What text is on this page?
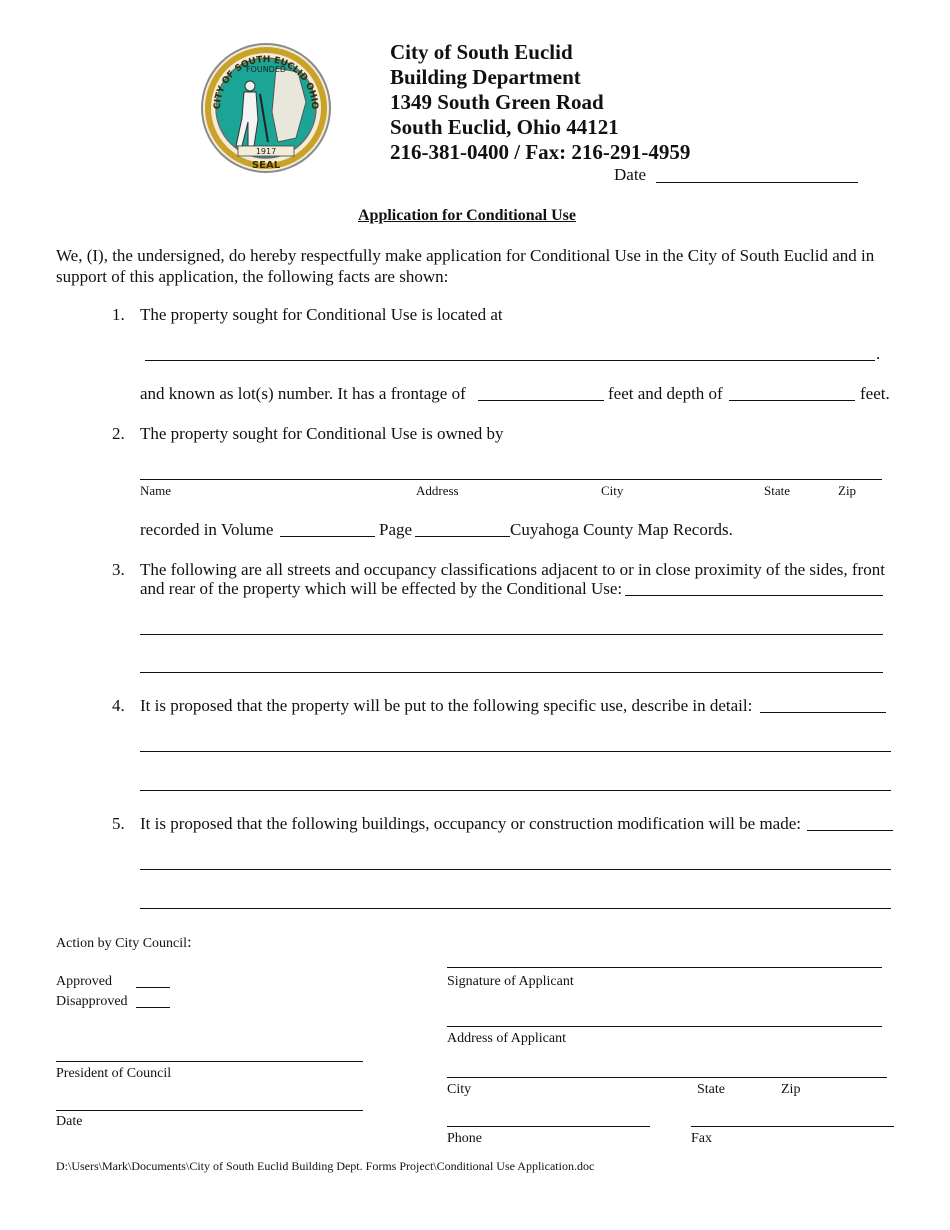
CITY OF SOUTH EUCLID OHIO
FOUNDED
1917
SEAL
City of South Euclid
Building Department
1349 South Green Road
South Euclid, Ohio 44121
216-381-0400 / Fax: 216-291-4959
Date
Application for Conditional Use
We, (I), the undersigned, do hereby respectfully make application for Conditional Use in the City of South Euclid and in
support of this application, the following facts are shown:
1. The property sought for Conditional Use is located at
.
and known as lot(s) number. It has a frontage of	feet and depth of	feet.
2. The property sought for Conditional Use is owned by
Name	Address	City	State	Zip
recorded in Volume	Page	Cuyahoga County Map Records.
3. The following are all streets and occupancy classifications adjacent to or in close proximity of the sides, front
and rear of the property which will be effected by the Conditional Use:
4. It is proposed that the property will be put to the following specific use, describe in detail:
5. It is proposed that the following buildings, occupancy or construction modification will be made:
Action by City Council:
Approved
Disapproved
President of Council
Date
Signature of Applicant
Address of Applicant
City	State	Zip
Phone	Fax
D:\Users\Mark\Documents\City of South Euclid Building Dept. Forms Project\Conditional Use Application.doc
